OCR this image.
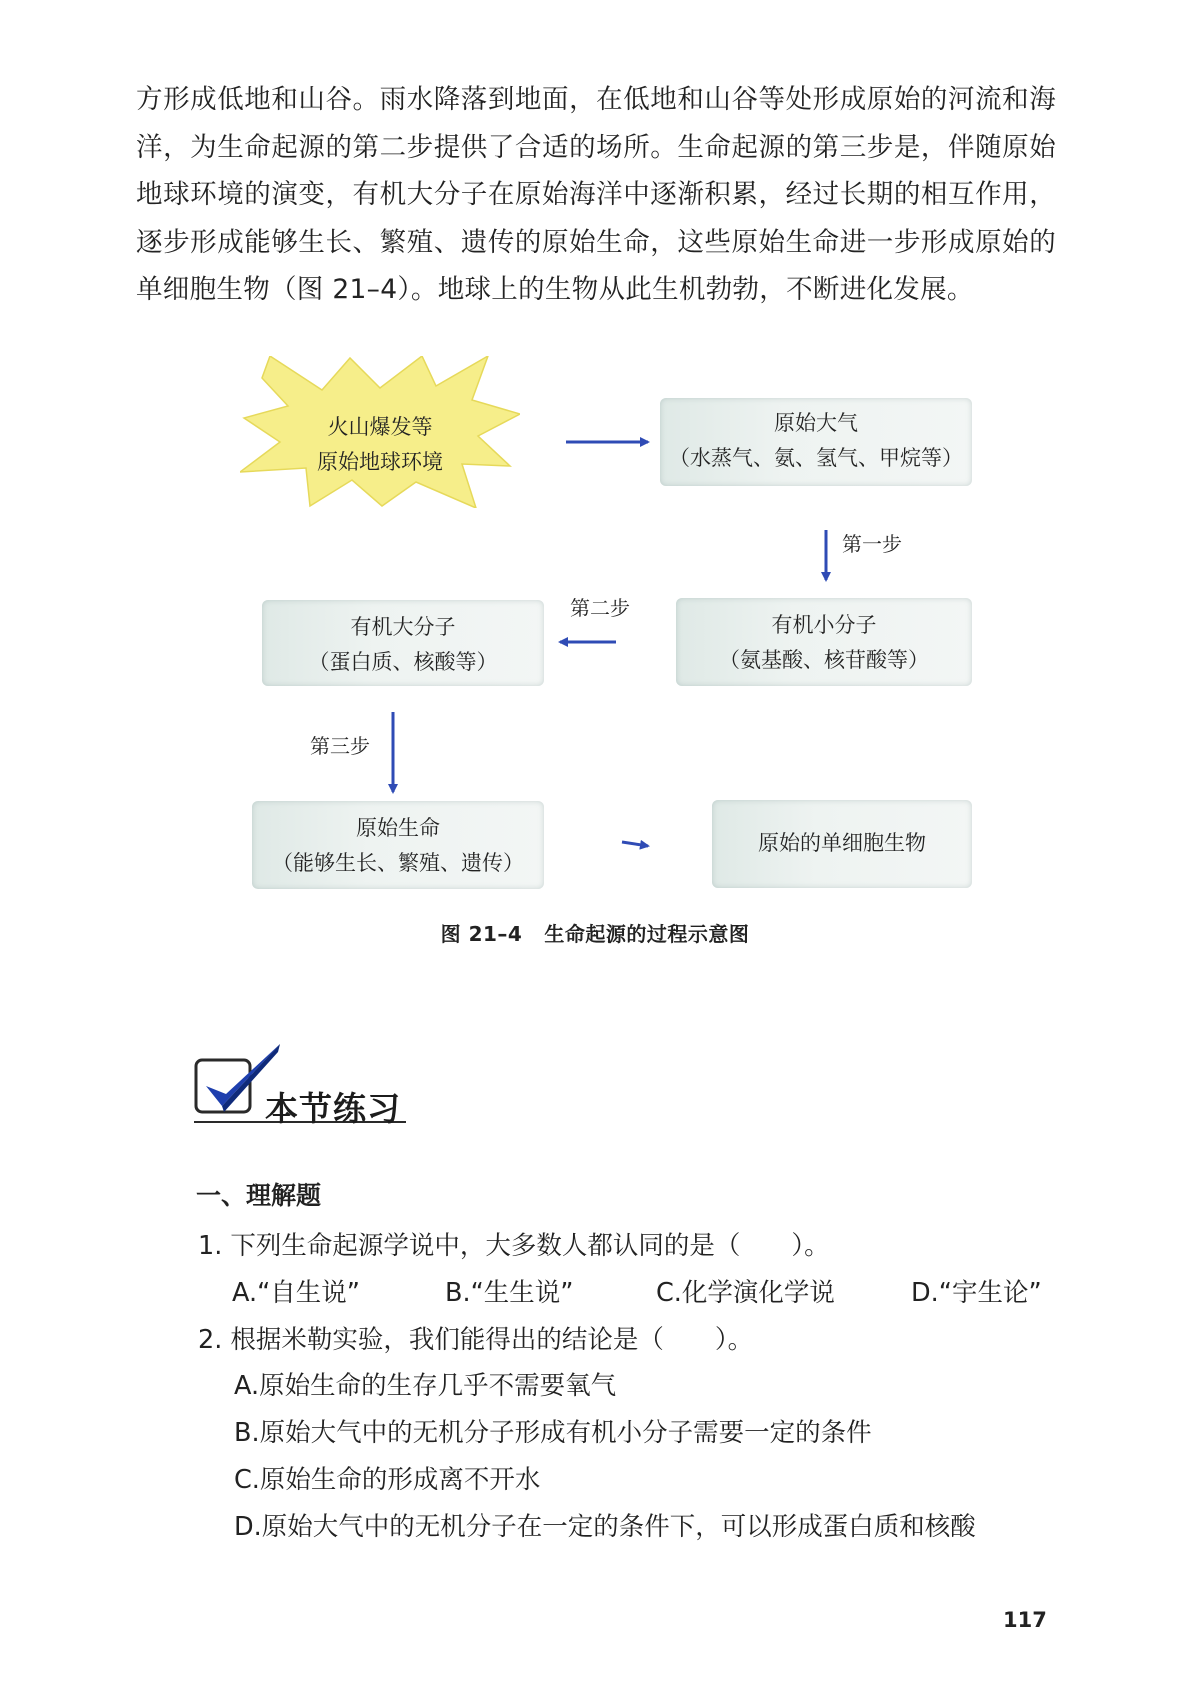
方形成低地和山谷。雨水降落到地面，在低地和山谷等处形成原始的河流和海洋，为生命起源的第二步提供了合适的场所。生命起源的第三步是，伴随原始地球环境的演变，有机大分子在原始海洋中逐渐积累，经过长期的相互作用，逐步形成能够生长、繁殖、遗传的原始生命，这些原始生命进一步形成原始的单细胞生物（图 21–4）。地球上的生物从此生机勃勃，不断进化发展。

火山爆发等
原始地球环境
原始大气
（水蒸气、氨、氢气、甲烷等）
有机小分子
（氨基酸、核苷酸等）
有机大分子
（蛋白质、核酸等）
原始生命
（能够生长、繁殖、遗传）
原始的单细胞生物
第一步
第二步
第三步
图 21–4 生命起源的过程示意图
本节练习
一、理解题
1. 下列生命起源学说中，大多数人都认同的是（　　）。
A.“自生说”	B.“生生说”	C.化学演化学说	D.“宇生论”
2. 根据米勒实验，我们能得出的结论是（　　）。
A.原始生命的生存几乎不需要氧气
B.原始大气中的无机分子形成有机小分子需要一定的条件
C.原始生命的形成离不开水
D.原始大气中的无机分子在一定的条件下，可以形成蛋白质和核酸
117
